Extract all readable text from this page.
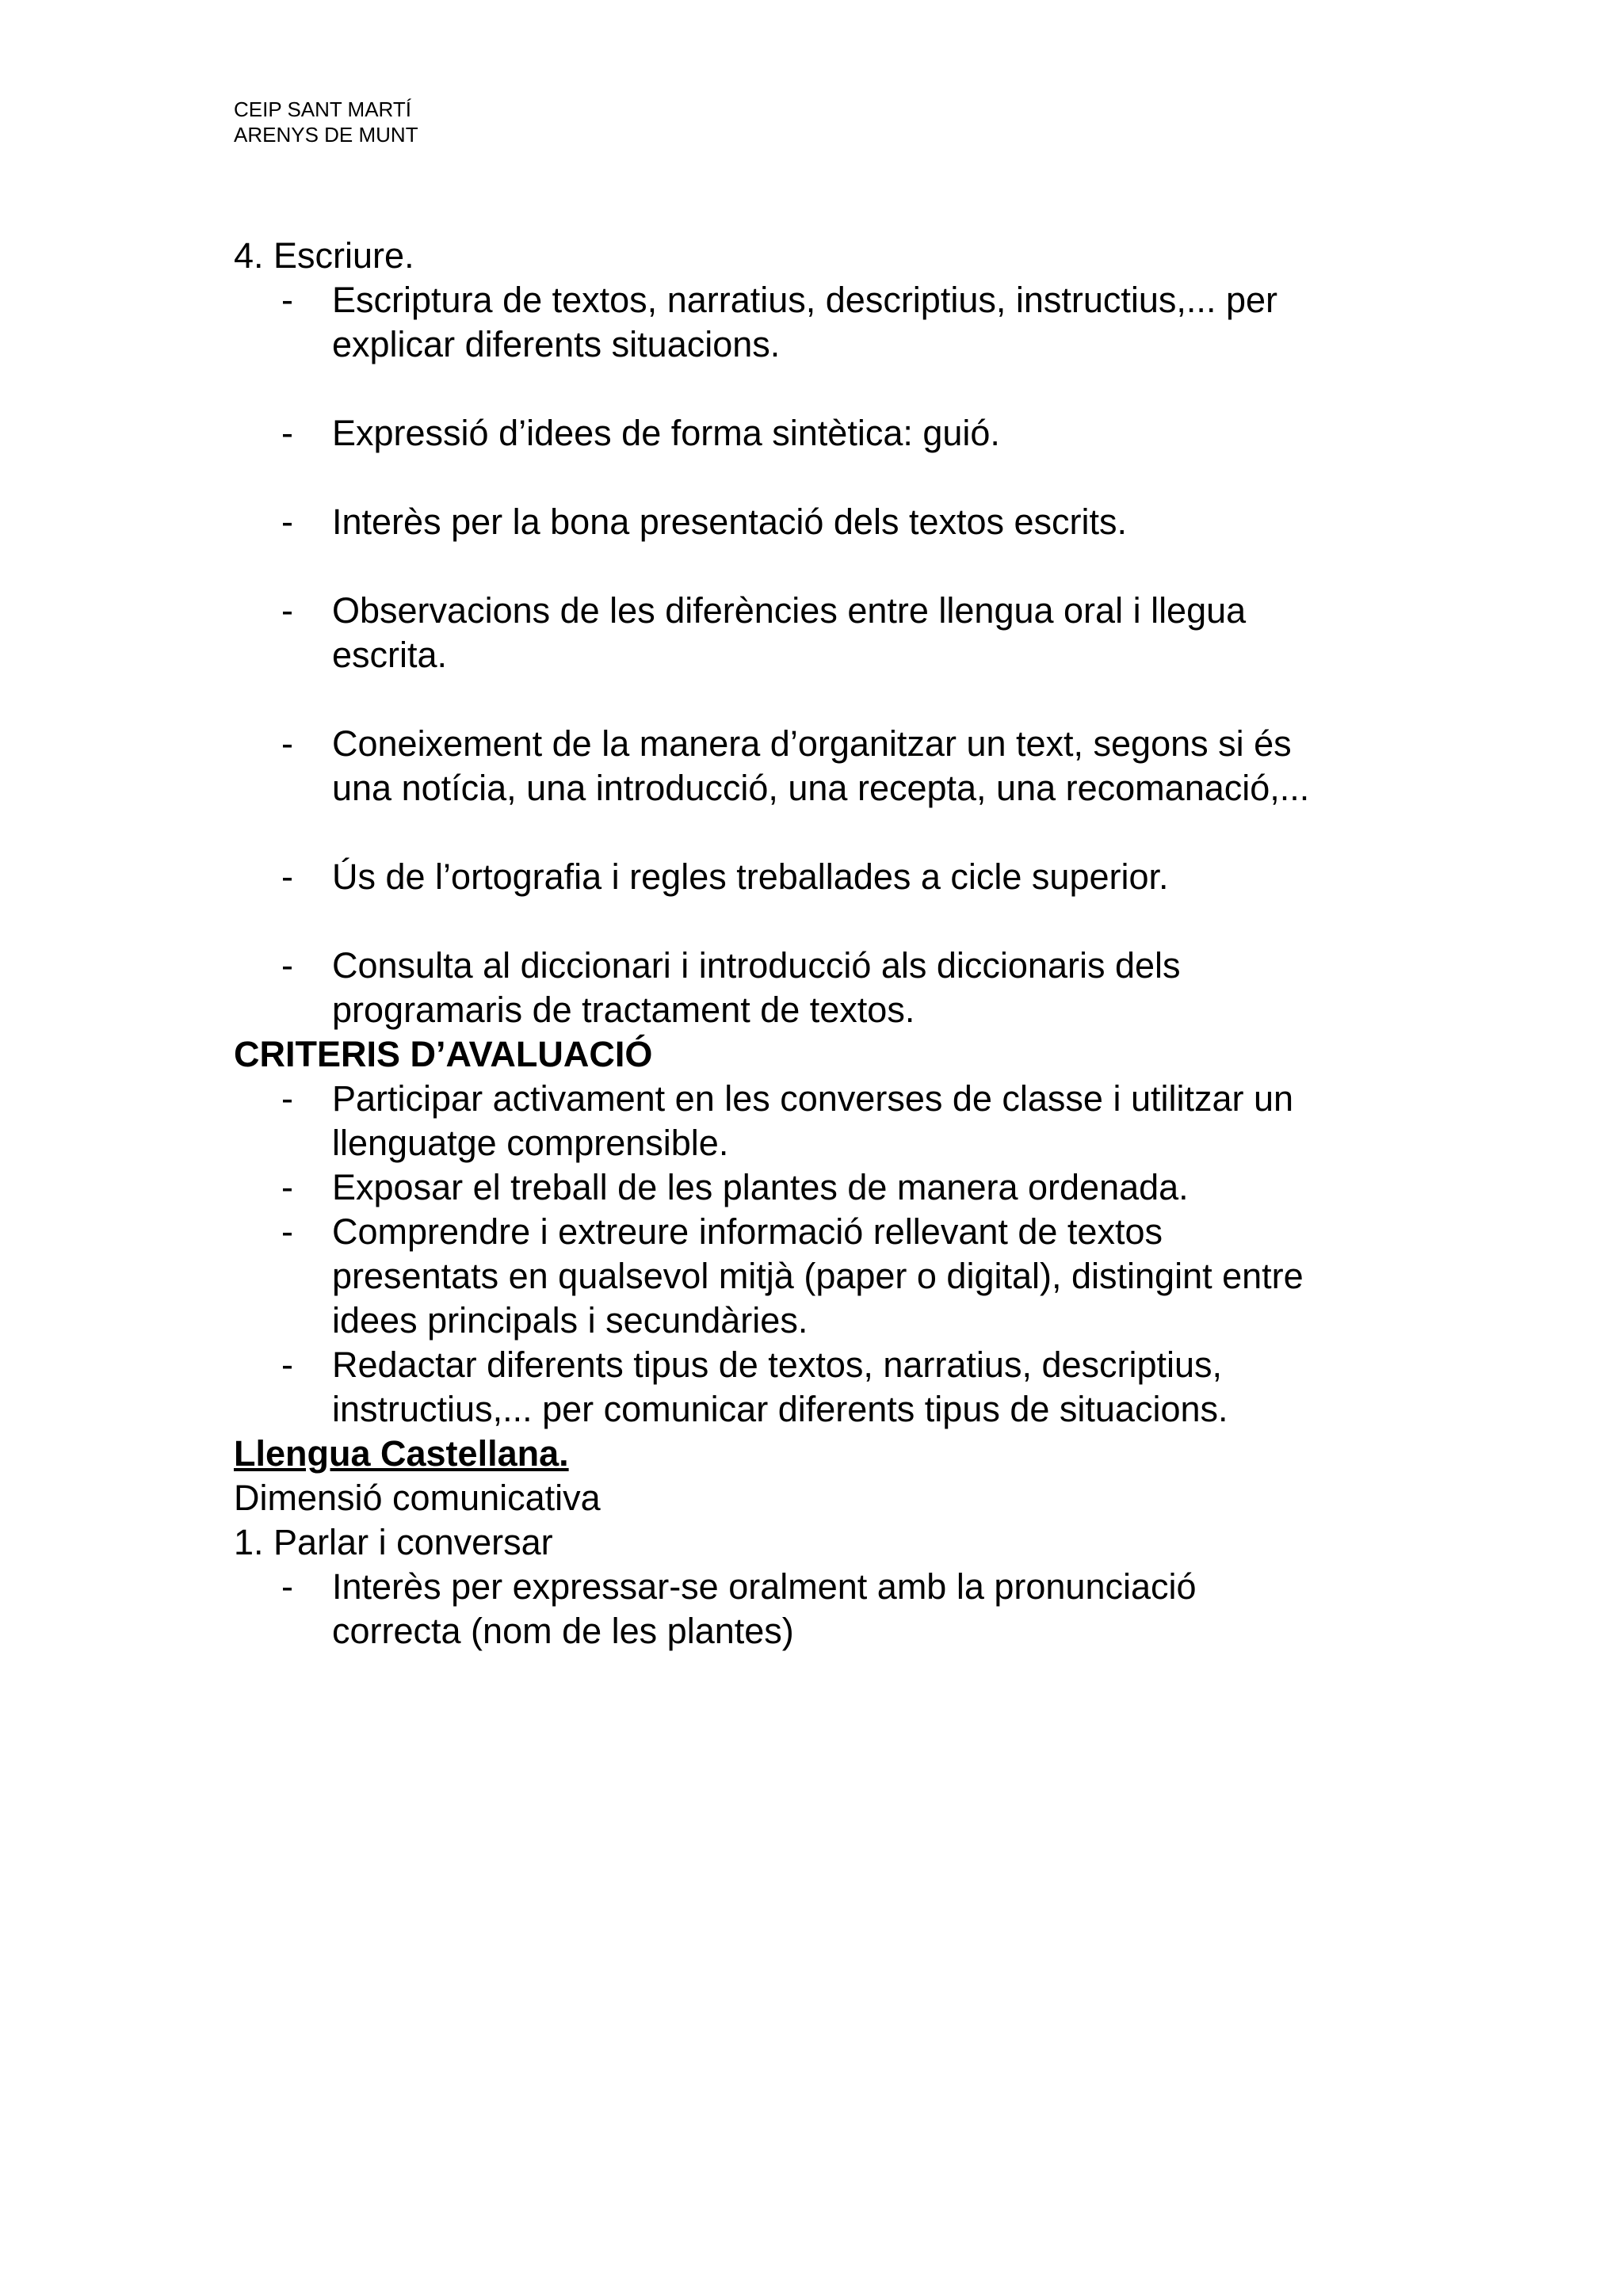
CEIP SANT MARTÍ
ARENYS DE MUNT

4. Escriure.

- Escriptura de textos, narratius, descriptius, instructius,... per
explicar diferents situacions.
- Expressió d’idees de forma sintètica: guió.
- Interès per la bona presentació dels textos escrits.
- Observacions de les diferències entre llengua oral i llegua
escrita.
- Coneixement de la manera d’organitzar un text, segons si és
una notícia, una introducció, una recepta, una recomanació,...
- Ús de l’ortografia i regles treballades a cicle superior.
- Consulta al diccionari i introducció als diccionaris dels
programaris de tractament de textos.

CRITERIS D’AVALUACIÓ

- Participar activament en les converses de classe i utilitzar un
llenguatge comprensible.
- Exposar el treball de les plantes de manera ordenada.
- Comprendre i extreure informació rellevant de textos
presentats en qualsevol mitjà (paper o digital), distingint entre
idees principals i secundàries.
- Redactar diferents tipus de textos, narratius, descriptius,
instructius,... per comunicar diferents tipus de situacions.

Llengua Castellana.

Dimensió comunicativa

1. Parlar i conversar

- Interès per expressar-se oralment amb la pronunciació
correcta (nom de les plantes)
